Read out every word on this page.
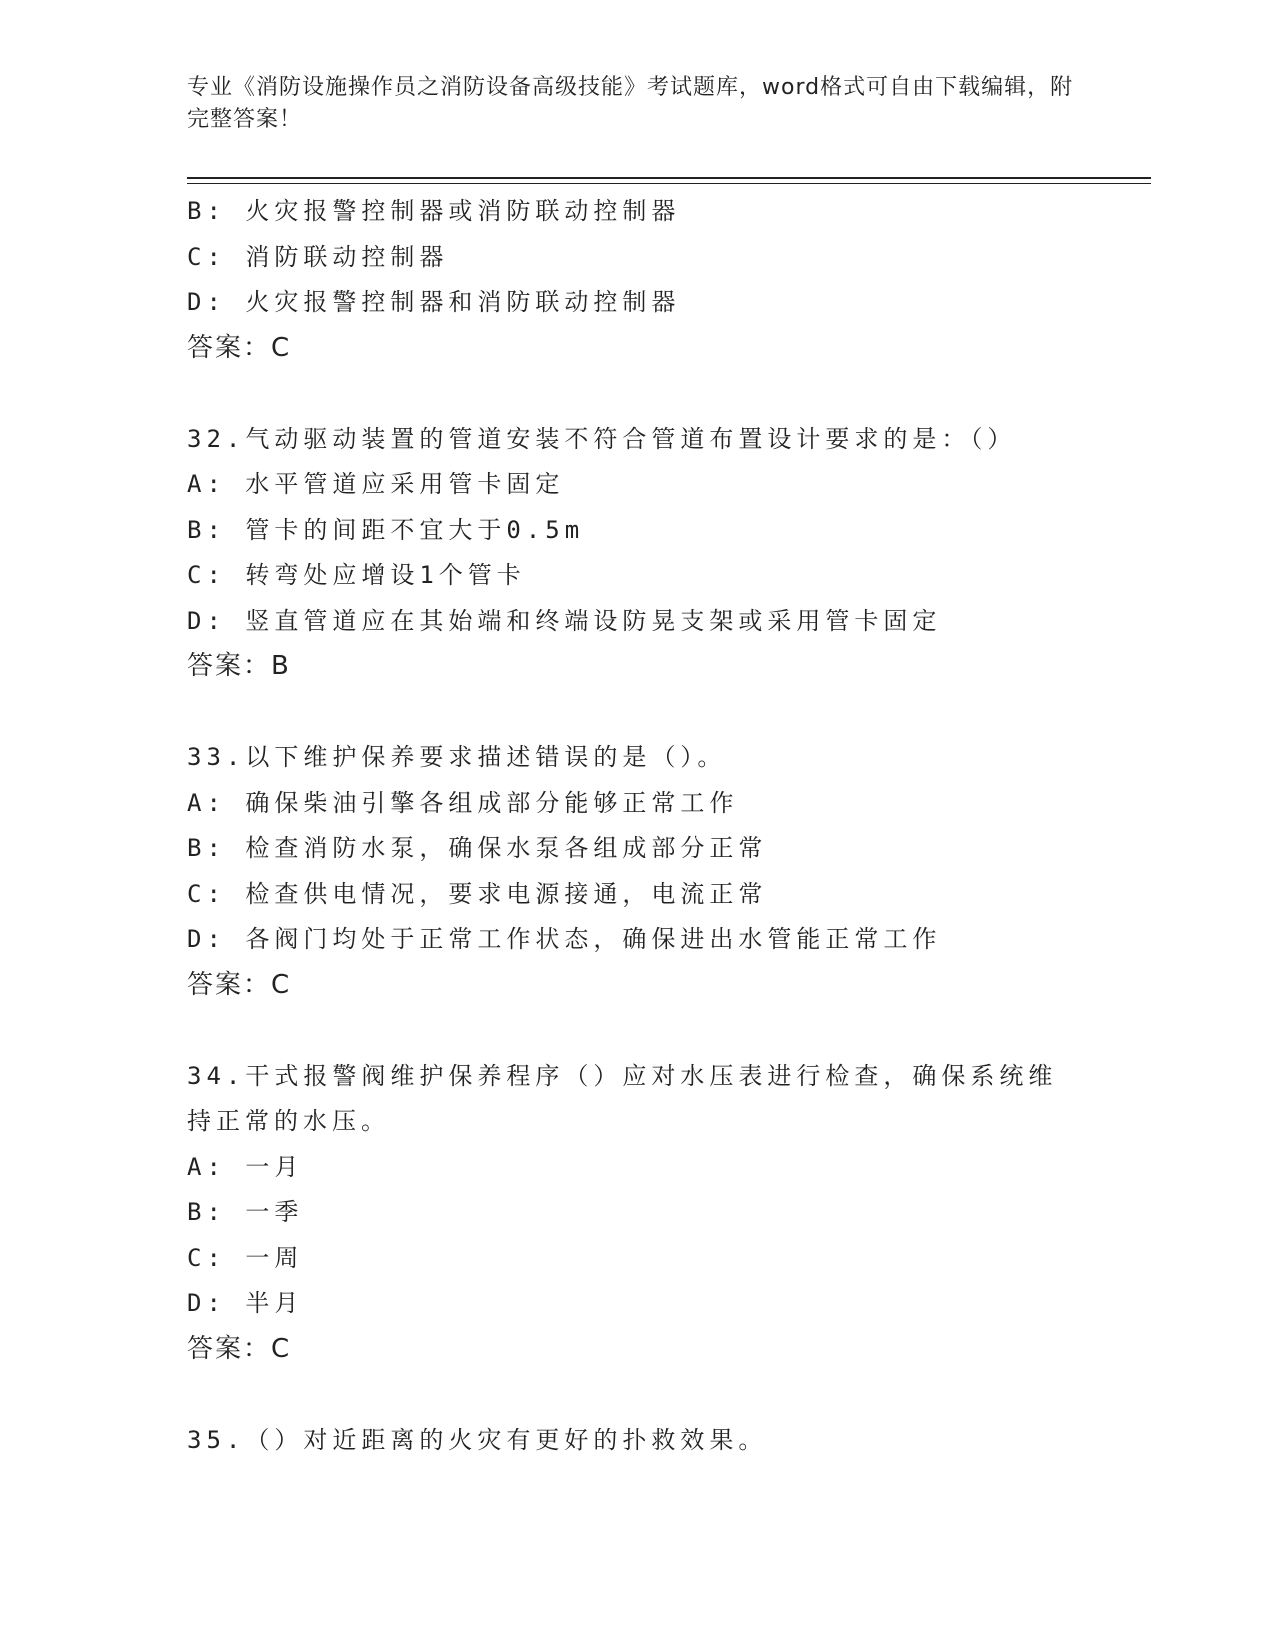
专业《消防设施操作员之消防设备高级技能》考试题库，word格式可自由下载编辑，附完整答案！
B: 火灾报警控制器或消防联动控制器
C: 消防联动控制器
D: 火灾报警控制器和消防联动控制器
答案：C
32.气动驱动装置的管道安装不符合管道布置设计要求的是：（）
A: 水平管道应采用管卡固定
B: 管卡的间距不宜大于0.5m
C: 转弯处应增设1个管卡
D: 竖直管道应在其始端和终端设防晃支架或采用管卡固定
答案：B
33.以下维护保养要求描述错误的是（）。
A: 确保柴油引擎各组成部分能够正常工作
B: 检查消防水泵，确保水泵各组成部分正常
C: 检查供电情况，要求电源接通，电流正常
D: 各阀门均处于正常工作状态，确保进出水管能正常工作
答案：C
34.干式报警阀维护保养程序（）应对水压表进行检查，确保系统维持正常的水压。
A: 一月
B: 一季
C: 一周
D: 半月
答案：C
35.（）对近距离的火灾有更好的扑救效果。
